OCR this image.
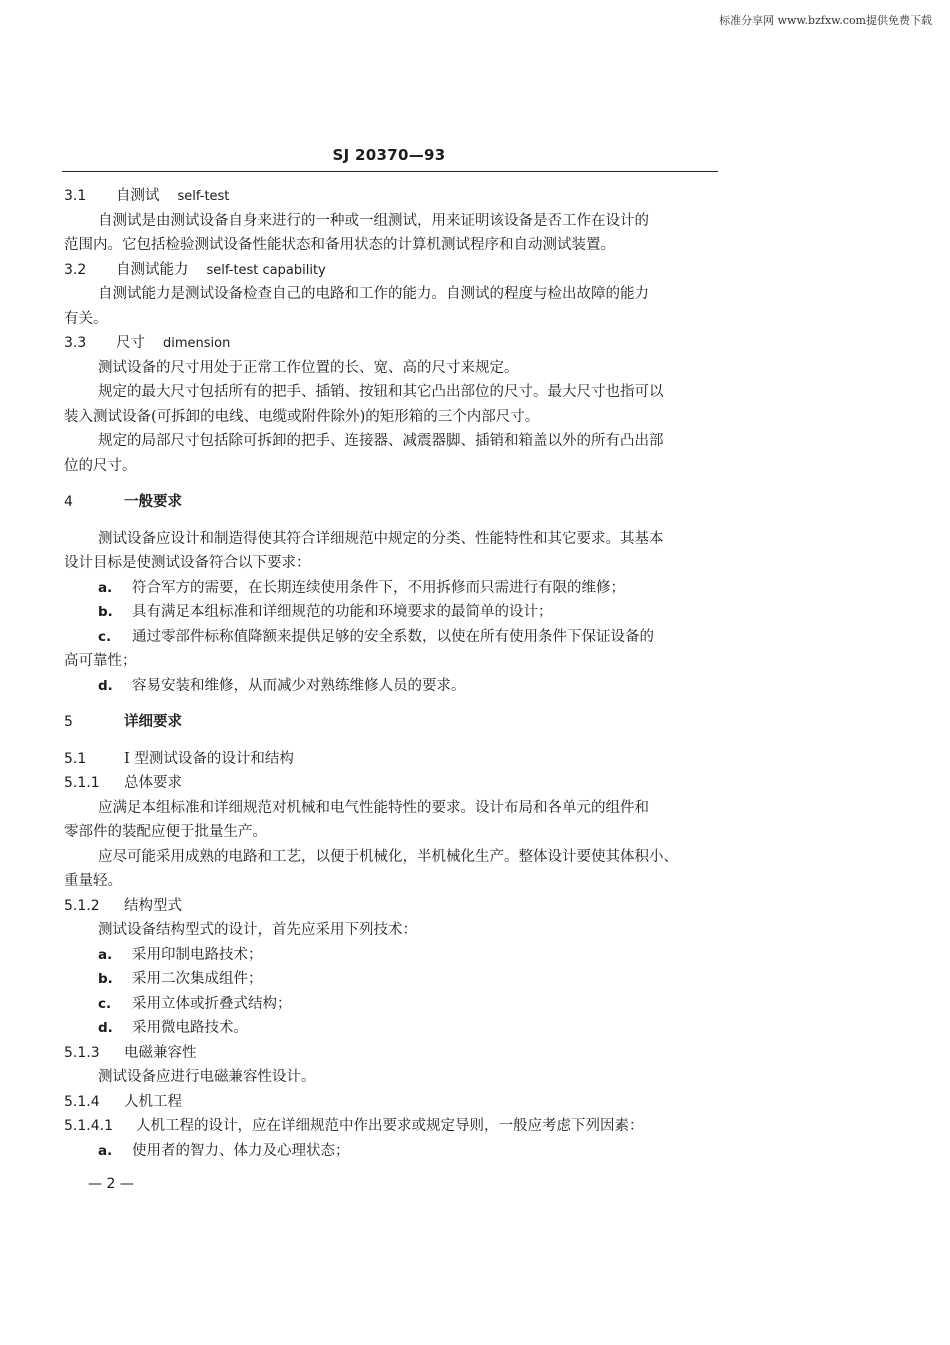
标准分享网 www.bzfxw.com提供免费下载
SJ 20370—93
3.1 自测试 self-test
自测试是由测试设备自身来进行的一种或一组测试，用来证明该设备是否工作在设计的
范围内。它包括检验测试设备性能状态和备用状态的计算机测试程序和自动测试装置。
3.2 自测试能力 self-test capability
自测试能力是测试设备检查自己的电路和工作的能力。自测试的程度与检出故障的能力
有关。
3.3 尺寸 dimension
测试设备的尺寸用处于正常工作位置的长、宽、高的尺寸来规定。
规定的最大尺寸包括所有的把手、插销、按钮和其它凸出部位的尺寸。最大尺寸也指可以
装入测试设备(可拆卸的电线、电缆或附件除外)的矩形箱的三个内部尺寸。
规定的局部尺寸包括除可拆卸的把手、连接器、减震器脚、插销和箱盖以外的所有凸出部
位的尺寸。
4	一般要求
测试设备应设计和制造得使其符合详细规范中规定的分类、性能特性和其它要求。其基本
设计目标是使测试设备符合以下要求：
a. 符合军方的需要，在长期连续使用条件下，不用拆修而只需进行有限的维修；
b. 具有满足本组标准和详细规范的功能和环境要求的最简单的设计；
c. 通过零部件标称值降额来提供足够的安全系数，以使在所有使用条件下保证设备的
高可靠性；
d. 容易安装和维修，从而减少对熟练维修人员的要求。
5	详细要求
5.1	I 型测试设备的设计和结构
5.1.1 总体要求
应满足本组标准和详细规范对机械和电气性能特性的要求。设计布局和各单元的组件和
零部件的装配应便于批量生产。
应尽可能采用成熟的电路和工艺，以便于机械化，半机械化生产。整体设计要使其体积小、
重量轻。
5.1.2 结构型式
测试设备结构型式的设计，首先应采用下列技术：
a. 采用印制电路技术；
b. 采用二次集成组件；
c. 采用立体或折叠式结构；
d. 采用微电路技术。
5.1.3 电磁兼容性
测试设备应进行电磁兼容性设计。
5.1.4 人机工程
5.1.4.1 人机工程的设计，应在详细规范中作出要求或规定导则，一般应考虑下列因素：
a. 使用者的智力、体力及心理状态；
— 2 —
